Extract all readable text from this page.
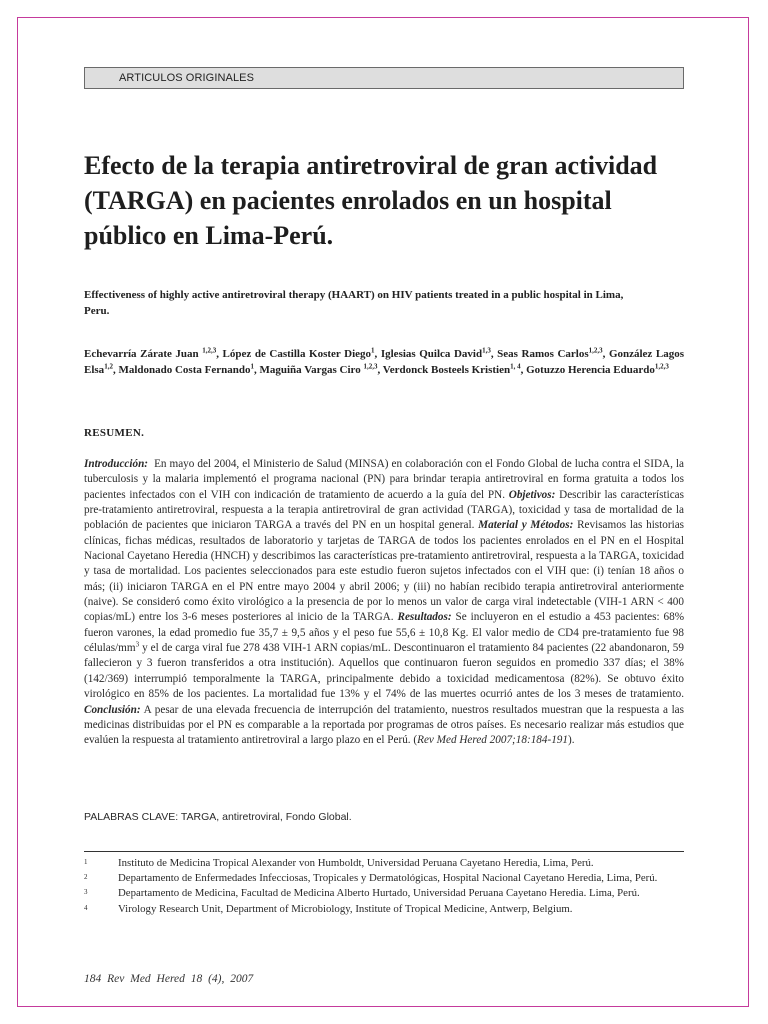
ARTICULOS ORIGINALES
Efecto de la terapia antiretroviral de gran actividad (TARGA) en pacientes enrolados en un hospital público en Lima-Perú.

Effectiveness of highly active antiretroviral therapy (HAART) on HIV patients treated in a public hospital in Lima, Peru.

Echevarría Zárate Juan $^{1,2,3}$, López de Castilla Koster Diego$^1$, Iglesias Quilca David$^{1,3}$, Seas Ramos Carlos$^{1,2,3}$, González Lagos Elsa$^{1,2}$, Maldonado Costa Fernando$^1$, Maguiña Vargas Ciro $^{1,2,3}$, Verdonck Bosteels Kristien$^{1, 4}$, Gotuzzo Herencia Eduardo$^{1,2,3}$

RESUMEN.

Introducción: En mayo del 2004, el Ministerio de Salud (MINSA) en colaboración con el Fondo Global de lucha contra el SIDA, la tuberculosis y la malaria implementó el programa nacional (PN) para brindar terapia antiretroviral en forma gratuita a todos los pacientes infectados con el VIH con indicación de tratamiento de acuerdo a la guía del PN. Objetivos: Describir las características pre-tratamiento antiretroviral, respuesta a la terapia antiretroviral de gran actividad (TARGA), toxicidad y tasa de mortalidad de la población de pacientes que iniciaron TARGA a través del PN en un hospital general. Material y Métodos: Revisamos las historias clínicas, fichas médicas, resultados de laboratorio y tarjetas de TARGA de todos los pacientes enrolados en el PN en el Hospital Nacional Cayetano Heredia (HNCH) y describimos las características pre-tratamiento antiretroviral, respuesta a la TARGA, toxicidad y tasa de mortalidad. Los pacientes seleccionados para este estudio fueron sujetos infectados con el VIH que: (i) tenían 18 años o más; (ii) iniciaron TARGA en el PN entre mayo 2004 y abril 2006; y (iii) no habían recibido terapia antiretroviral anteriormente (naive). Se consideró como éxito virológico a la presencia de por lo menos un valor de carga viral indetectable (VIH-1 ARN < 400 copias/mL) entre los 3-6 meses posteriores al inicio de la TARGA. Resultados: Se incluyeron en el estudio a 453 pacientes: 68% fueron varones, la edad promedio fue 35,7 ± 9,5 años y el peso fue 55,6 ± 10,8 Kg. El valor medio de CD4 pre-tratamiento fue 98 células/$mm^3$ y el de carga viral fue 278 438 VIH-1 ARN copias/mL. Descontinuaron el tratamiento 84 pacientes (22 abandonaron, 59 fallecieron y 3 fueron transferidos a otra institución). Aquellos que continuaron fueron seguidos en promedio 337 días; el 38% (142/369) interrumpió temporalmente la TARGA, principalmente debido a toxicidad medicamentosa (82%). Se obtuvo éxito virológico en 85% de los pacientes. La mortalidad fue 13% y el 74% de las muertes ocurrió antes de los 3 meses de tratamiento. Conclusión: A pesar de una elevada frecuencia de interrupción del tratamiento, nuestros resultados muestran que la respuesta a las medicinas distribuidas por el PN es comparable a la reportada por programas de otros países. Es necesario realizar más estudios que evalúen la respuesta al tratamiento antiretroviral a largo plazo en el Perú. (Rev Med Hered 2007;18:184-191).

PALABRAS CLAVE: TARGA, antiretroviral, Fondo Global.

1	Instituto de Medicina Tropical Alexander von Humboldt, Universidad Peruana Cayetano Heredia, Lima, Perú.
2	Departamento de Enfermedades Infecciosas, Tropicales y Dermatológicas, Hospital Nacional Cayetano Heredia, Lima, Perú.
3	Departamento de Medicina, Facultad de Medicina Alberto Hurtado, Universidad Peruana Cayetano Heredia. Lima, Perú.
4	Virology Research Unit, Department of Microbiology, Institute of Tropical Medicine, Antwerp, Belgium.

184 Rev Med Hered 18 (4), 2007
